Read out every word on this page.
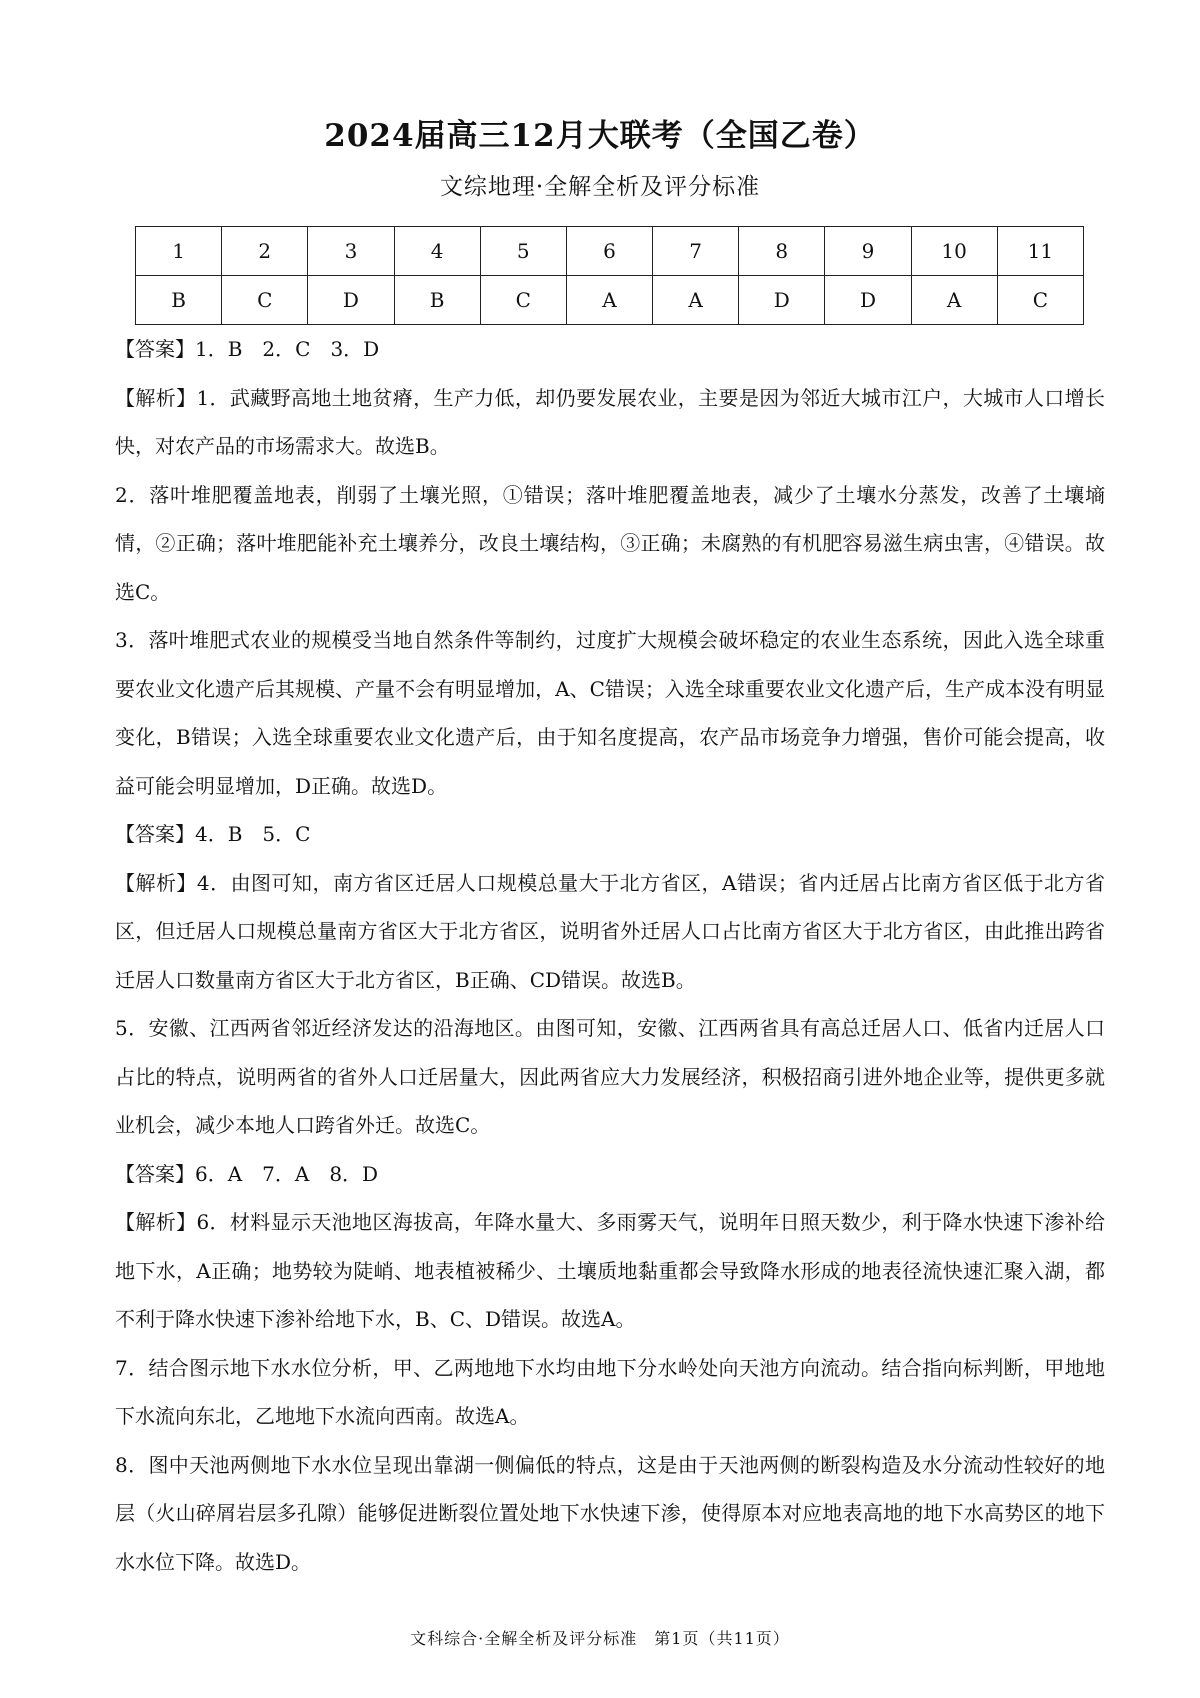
2024届高三12月大联考（全国乙卷）
文综地理·全解全析及评分标准
1	2	3	4	5	6	7	8	9	10	11
B	C	D	B	C	A	A	D	D	A	C

【答案】1．B　2．C　3．D

【解析】1．武藏野高地土地贫瘠，生产力低，却仍要发展农业，主要是因为邻近大城市江户，大城市人口增长快，对农产品的市场需求大。故选B。

2．落叶堆肥覆盖地表，削弱了土壤光照，①错误；落叶堆肥覆盖地表，减少了土壤水分蒸发，改善了土壤墒情，②正确；落叶堆肥能补充土壤养分，改良土壤结构，③正确；未腐熟的有机肥容易滋生病虫害，④错误。故选C。

3．落叶堆肥式农业的规模受当地自然条件等制约，过度扩大规模会破坏稳定的农业生态系统，因此入选全球重要农业文化遗产后其规模、产量不会有明显增加，A、C错误；入选全球重要农业文化遗产后，生产成本没有明显变化，B错误；入选全球重要农业文化遗产后，由于知名度提高，农产品市场竞争力增强，售价可能会提高，收益可能会明显增加，D正确。故选D。

【答案】4．B　5．C

【解析】4．由图可知，南方省区迁居人口规模总量大于北方省区，A错误；省内迁居占比南方省区低于北方省区，但迁居人口规模总量南方省区大于北方省区，说明省外迁居人口占比南方省区大于北方省区，由此推出跨省迁居人口数量南方省区大于北方省区，B正确、CD错误。故选B。

5．安徽、江西两省邻近经济发达的沿海地区。由图可知，安徽、江西两省具有高总迁居人口、低省内迁居人口占比的特点，说明两省的省外人口迁居量大，因此两省应大力发展经济，积极招商引进外地企业等，提供更多就业机会，减少本地人口跨省外迁。故选C。

【答案】6．A　7．A　8．D

【解析】6．材料显示天池地区海拔高，年降水量大、多雨雾天气，说明年日照天数少，利于降水快速下渗补给地下水，A正确；地势较为陡峭、地表植被稀少、土壤质地黏重都会导致降水形成的地表径流快速汇聚入湖，都不利于降水快速下渗补给地下水，B、C、D错误。故选A。

7．结合图示地下水水位分析，甲、乙两地地下水均由地下分水岭处向天池方向流动。结合指向标判断，甲地地下水流向东北，乙地地下水流向西南。故选A。

8．图中天池两侧地下水水位呈现出靠湖一侧偏低的特点，这是由于天池两侧的断裂构造及水分流动性较好的地层（火山碎屑岩层多孔隙）能够促进断裂位置处地下水快速下渗，使得原本对应地表高地的地下水高势区的地下水水位下降。故选D。

文科综合·全解全析及评分标准　第1页（共11页）
